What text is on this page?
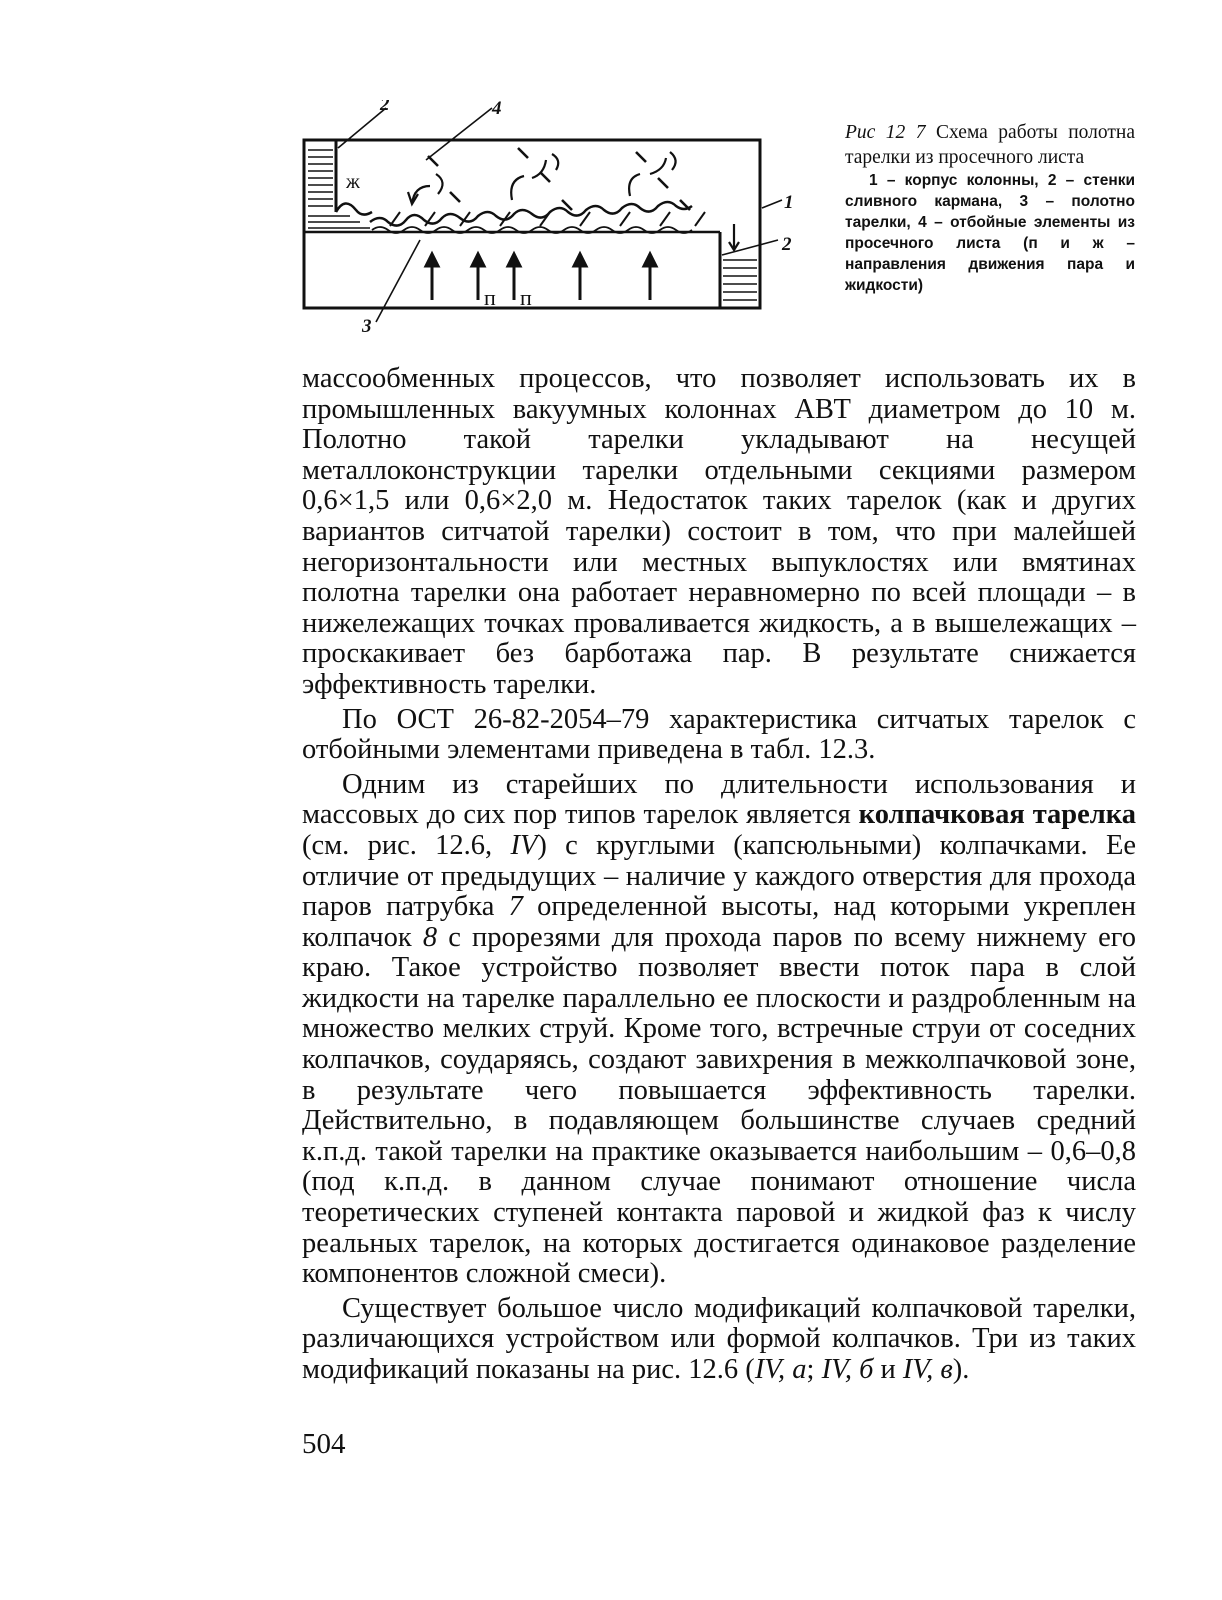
2	4
1
2
3
ж
п п
Рис 12 7 Схема работы полотна тарелки из просечного листа
1 – корпус колонны, 2 – стенки сливного кармана, 3 – полотно тарелки, 4 – отбойные элементы из просечного листа (п и ж – направления движения пара и жидкости)

массообменных процессов, что позволяет использовать их в промышленных вакуумных колоннах АВТ диаметром до 10 м. Полотно такой тарелки укладывают на несущей металлоконструкции тарелки отдельными секциями размером 0,6×1,5 или 0,6×2,0 м. Недостаток таких тарелок (как и других вариантов ситчатой тарелки) состоит в том, что при малейшей негоризонтальности или местных выпуклостях или вмятинах полотна тарелки она работает неравномерно по всей площади – в нижележащих точках проваливается жидкость, а в вышележащих – проскакивает без барботажа пар. В результате снижается эффективность тарелки.

По ОСТ 26-82-2054–79 характеристика ситчатых тарелок с отбойными элементами приведена в табл. 12.3.

Одним из старейших по длительности использования и массовых до сих пор типов тарелок является колпачковая тарелка (см. рис. 12.6, IV) с круглыми (капсюльными) колпачками. Ее отличие от предыдущих – наличие у каждого отверстия для прохода паров патрубка 7 определенной высоты, над которыми укреплен колпачок 8 с прорезями для прохода паров по всему нижнему его краю. Такое устройство позволяет ввести поток пара в слой жидкости на тарелке параллельно ее плоскости и раздробленным на множество мелких струй. Кроме того, встречные струи от соседних колпачков, соударяясь, создают завихрения в межколпачковой зоне, в результате чего повышается эффективность тарелки. Действительно, в подавляющем большинстве случаев средний к.п.д. такой тарелки на практике оказывается наибольшим – 0,6–0,8 (под к.п.д. в данном случае понимают отношение числа теоретических ступеней контакта паровой и жидкой фаз к числу реальных тарелок, на которых достигается одинаковое разделение компонентов сложной смеси).

Существует большое число модификаций колпачковой тарелки, различающихся устройством или формой колпачков. Три из таких модификаций показаны на рис. 12.6 (IV, а; IV, б и IV, в).

504
